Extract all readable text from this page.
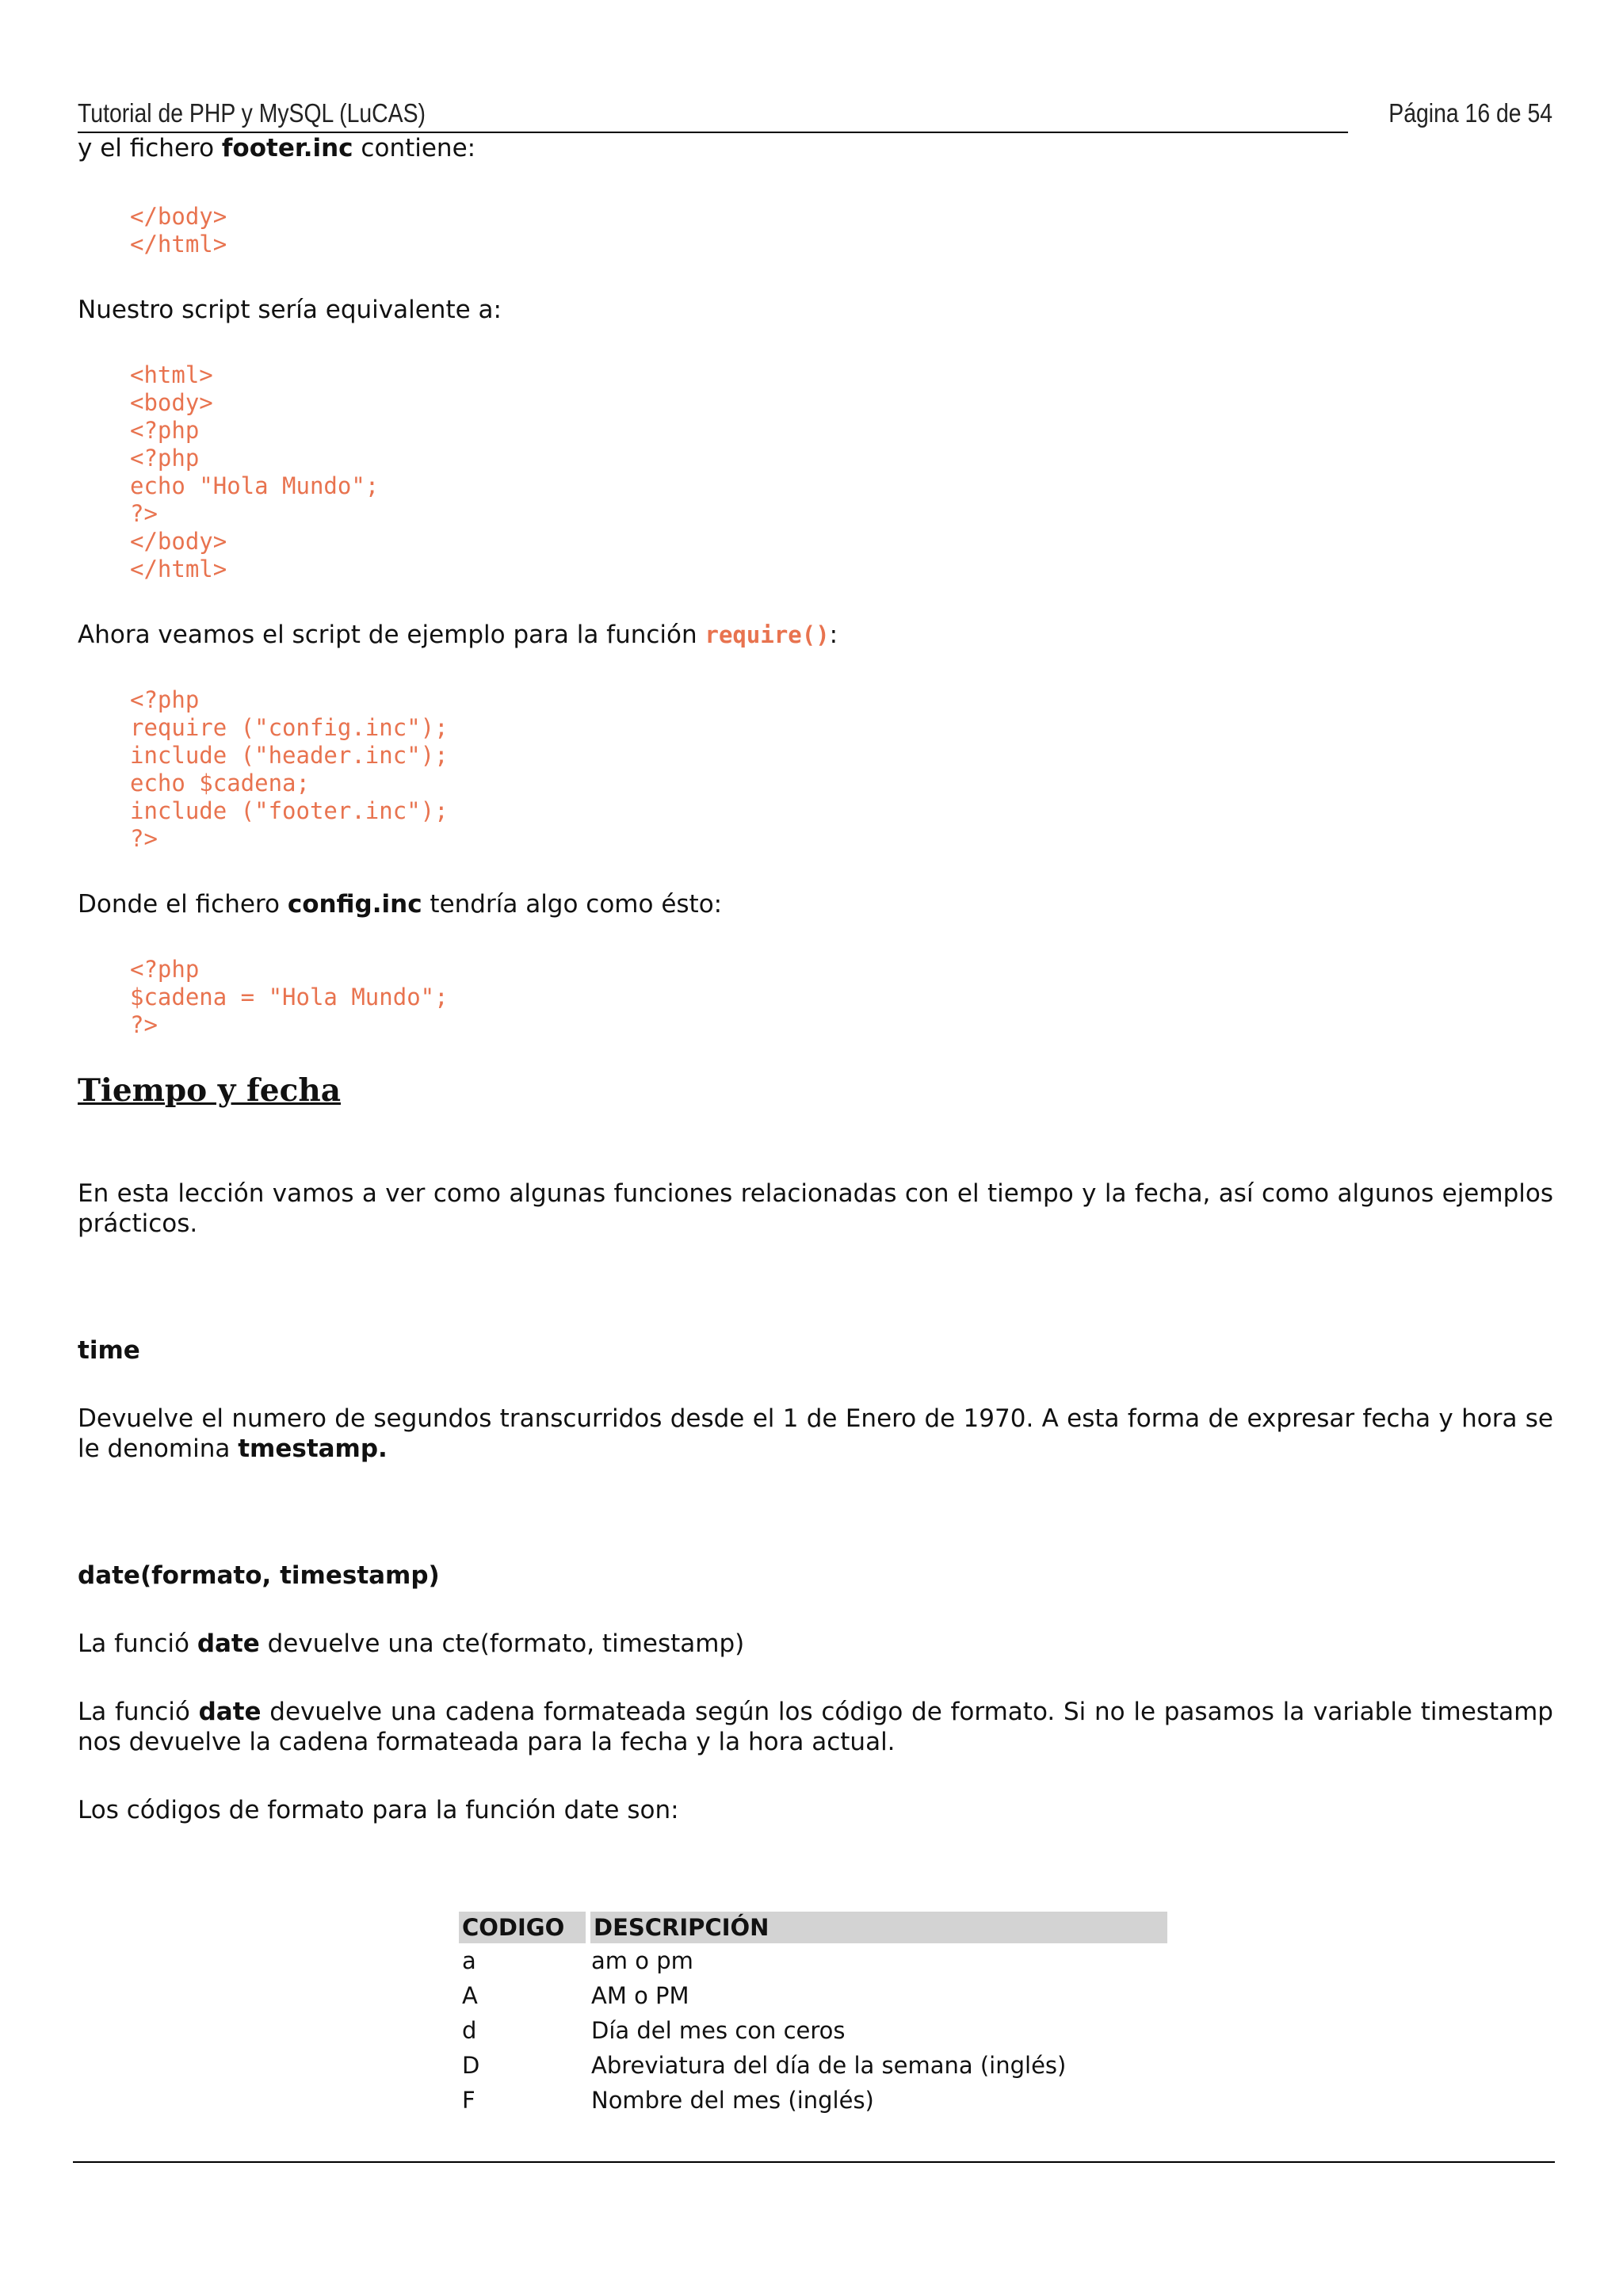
Tutorial de PHP y MySQL (LuCAS)	Página 16 de 54

y el fichero footer.inc contiene:

</body>
</html>

Nuestro script sería equivalente a:

<html>
<body>
<?php
<?php
echo "Hola Mundo";
?>
</body>
</html>

Ahora veamos el script de ejemplo para la función require():

<?php
require ("config.inc");
include ("header.inc");
echo $cadena;
include ("footer.inc");
?>

Donde el fichero config.inc tendría algo como ésto:

<?php
$cadena = "Hola Mundo";
?>
Tiempo y fecha

En esta lección vamos a ver como algunas funciones relacionadas con el tiempo y la fecha, así como algunos ejemplos prácticos.

time

Devuelve el numero de segundos transcurridos desde el 1 de Enero de 1970. A esta forma de expresar fecha y hora se le denomina tmestamp.

date(formato, timestamp)

La funció date devuelve una cte(formato, timestamp)

La funció date devuelve una cadena formateada según los código de formato. Si no le pasamos la variable timestamp nos devuelve la cadena formateada para la fecha y la hora actual.

Los códigos de formato para la función date son:

CODIGO	DESCRIPCIÓN
a	am o pm
A	AM o PM
d	Día del mes con ceros
D	Abreviatura del día de la semana (inglés)
F	Nombre del mes (inglés)
